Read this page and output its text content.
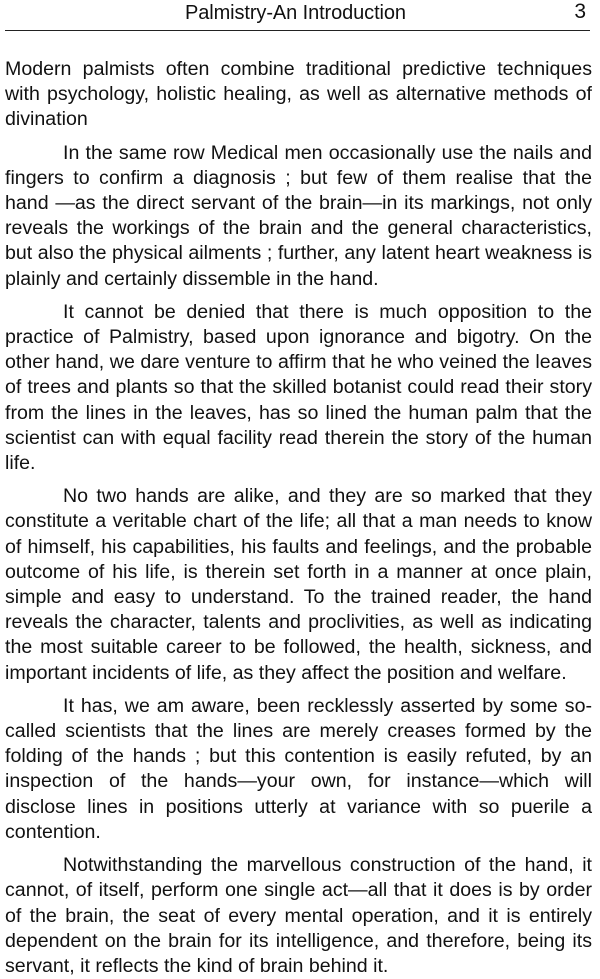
Palmistry-An Introduction	3

Modern palmists often combine traditional predictive techniques with psychology, holistic healing, as well as alternative methods of divination

In the same row Medical men occasionally use the nails and fingers to confirm a diagnosis ; but few of them realise that the hand —as the direct servant of the brain—in its markings, not only reveals the workings of the brain and the general characteristics, but also the physical ailments ; further, any latent heart weakness is plainly and certainly dissemble in the hand.

It cannot be denied that there is much opposition to the practice of Palmistry, based upon ignorance and bigotry. On the other hand, we dare venture to affirm that he who veined the leaves of trees and plants so that the skilled botanist could read their story from the lines in the leaves, has so lined the human palm that the scientist can with equal facility read therein the story of the human life.

No two hands are alike, and they are so marked that they constitute a veritable chart of the life; all that a man needs to know of himself, his capabilities, his faults and feelings, and the probable outcome of his life, is therein set forth in a manner at once plain, simple and easy to understand. To the trained reader, the hand reveals the character, talents and proclivities, as well as indicating the most suitable career to be followed, the health, sickness, and important incidents of life, as they affect the position and welfare.

It has, we am aware, been recklessly asserted by some so-called scientists that the lines are merely creases formed by the folding of the hands ; but this contention is easily refuted, by an inspection of the hands—your own, for instance—which will disclose lines in positions utterly at variance with so puerile a contention.

Notwithstanding the marvellous construction of the hand, it cannot, of itself, perform one single act—all that it does is by order of the brain, the seat of every mental operation, and it is entirely dependent on the brain for its intelligence, and therefore, being its servant, it reflects the kind of brain behind it.
